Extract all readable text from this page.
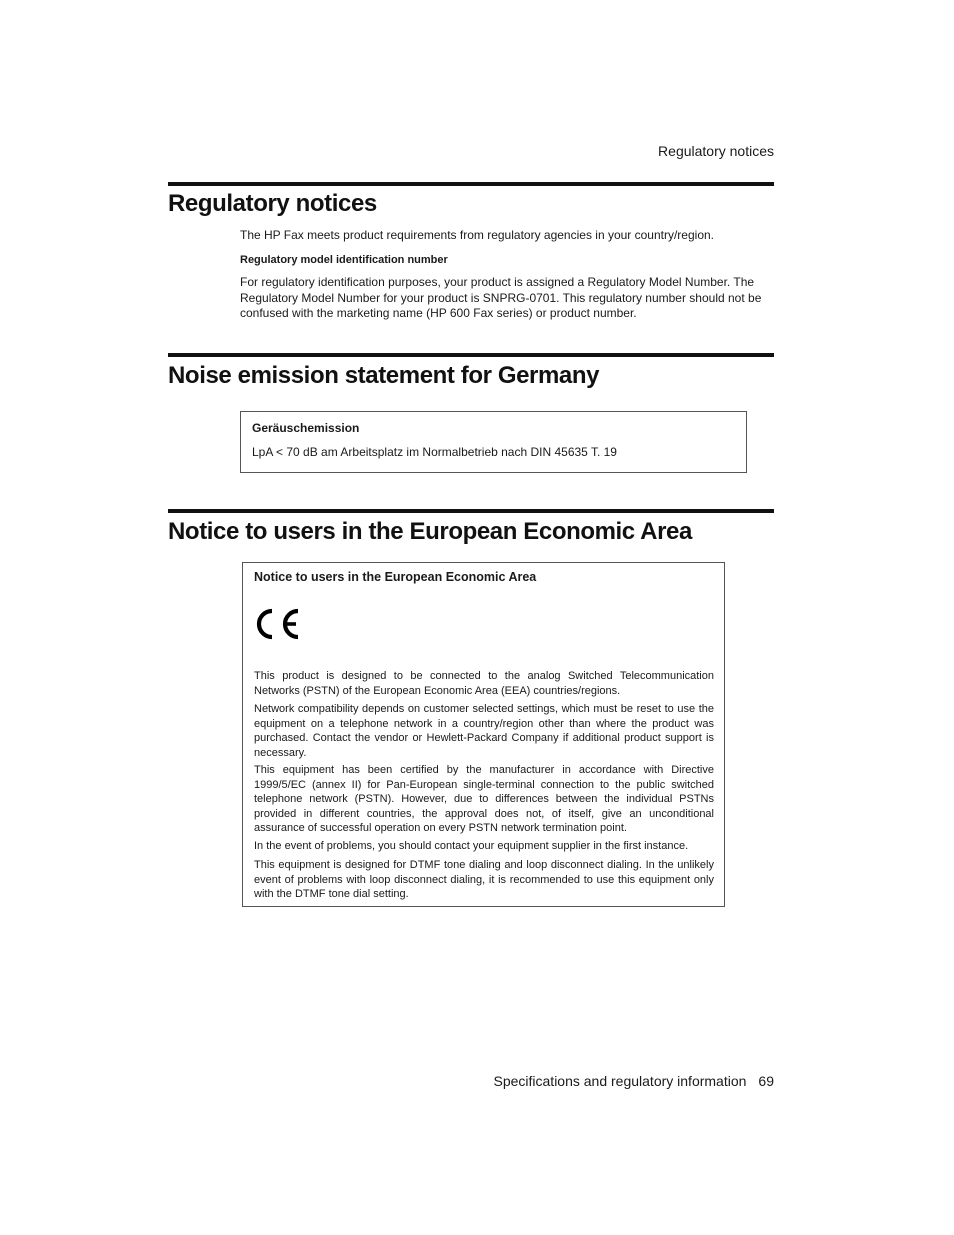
Regulatory notices
Regulatory notices

The HP Fax meets product requirements from regulatory agencies in your country/region.

Regulatory model identification number

For regulatory identification purposes, your product is assigned a Regulatory Model Number. The Regulatory Model Number for your product is SNPRG-0701. This regulatory number should not be confused with the marketing name (HP 600 Fax series) or product number.

Noise emission statement for Germany
Geräuschemission
LpA < 70 dB am Arbeitsplatz im Normalbetrieb nach DIN 45635 T. 19
Notice to users in the European Economic Area
Notice to users in the European Economic Area

This product is designed to be connected to the analog Switched Telecommunication Networks (PSTN) of the European Economic Area (EEA) countries/regions.

Network compatibility depends on customer selected settings, which must be reset to use the equipment on a telephone network in a country/region other than where the product was purchased. Contact the vendor or Hewlett-Packard Company if additional product support is necessary.

This equipment has been certified by the manufacturer in accordance with Directive 1999/5/EC (annex II) for Pan-European single-terminal connection to the public switched telephone network (PSTN). However, due to differences between the individual PSTNs provided in different countries, the approval does not, of itself, give an unconditional assurance of successful operation on every PSTN network termination point.

In the event of problems, you should contact your equipment supplier in the first instance.

This equipment is designed for DTMF tone dialing and loop disconnect dialing. In the unlikely event of problems with loop disconnect dialing, it is recommended to use this equipment only with the DTMF tone dial setting.

Specifications and regulatory information 69
